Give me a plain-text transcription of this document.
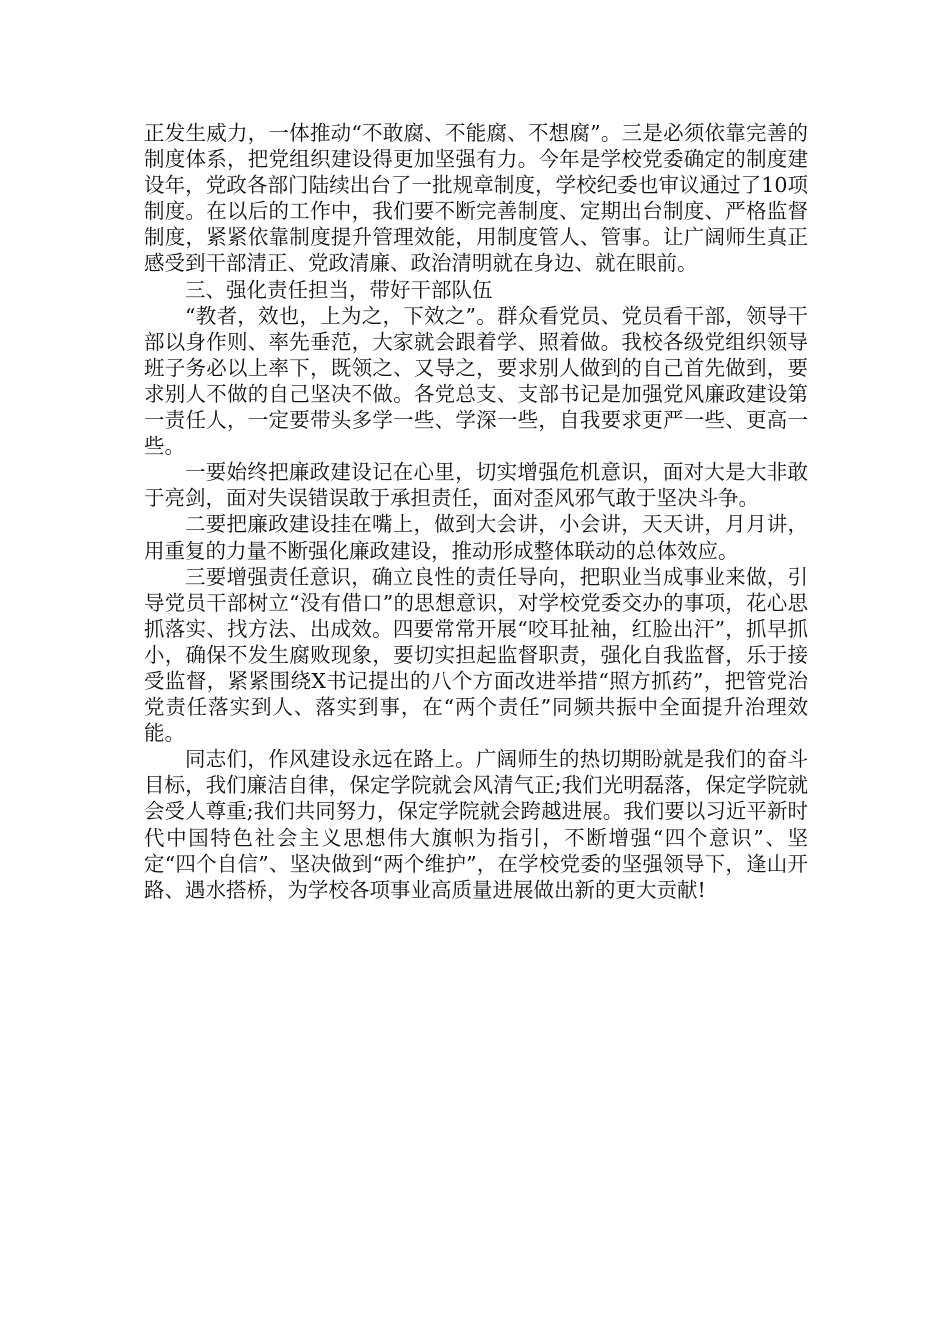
正发生威力，一体推动“不敢腐、不能腐、不想腐”。三是必须依靠完善的制度体系，把党组织建设得更加坚强有力。今年是学校党委确定的制度建设年，党政各部门陆续出台了一批规章制度，学校纪委也审议通过了10项制度。在以后的工作中，我们要不断完善制度、定期出台制度、严格监督制度，紧紧依靠制度提升管理效能，用制度管人、管事。让广阔师生真正感受到干部清正、党政清廉、政治清明就在身边、就在眼前。

三、强化责任担当，带好干部队伍

“教者，效也，上为之，下效之”。群众看党员、党员看干部，领导干部以身作则、率先垂范，大家就会跟着学、照着做。我校各级党组织领导班子务必以上率下，既领之、又导之，要求别人做到的自己首先做到，要求别人不做的自己坚决不做。各党总支、支部书记是加强党风廉政建设第一责任人，一定要带头多学一些、学深一些，自我要求更严一些、更高一些。

一要始终把廉政建设记在心里，切实增强危机意识，面对大是大非敢于亮剑，面对失误错误敢于承担责任，面对歪风邪气敢于坚决斗争。

二要把廉政建设挂在嘴上，做到大会讲，小会讲，天天讲，月月讲，用重复的力量不断强化廉政建设，推动形成整体联动的总体效应。

三要增强责任意识，确立良性的责任导向，把职业当成事业来做，引导党员干部树立“没有借口”的思想意识，对学校党委交办的事项，花心思抓落实、找方法、出成效。四要常常开展“咬耳扯袖，红脸出汗”，抓早抓小，确保不发生腐败现象，要切实担起监督职责，强化自我监督，乐于接受监督，紧紧围绕X书记提出的八个方面改进举措“照方抓药”，把管党治党责任落实到人、落实到事，在“两个责任”同频共振中全面提升治理效能。

同志们，作风建设永远在路上。广阔师生的热切期盼就是我们的奋斗目标，我们廉洁自律，保定学院就会风清气正;我们光明磊落，保定学院就会受人尊重;我们共同努力，保定学院就会跨越进展。我们要以习近平新时代中国特色社会主义思想伟大旗帜为指引，不断增强“四个意识”、坚定“四个自信”、坚决做到“两个维护”，在学校党委的坚强领导下，逢山开路、遇水搭桥，为学校各项事业高质量进展做出新的更大贡献!
